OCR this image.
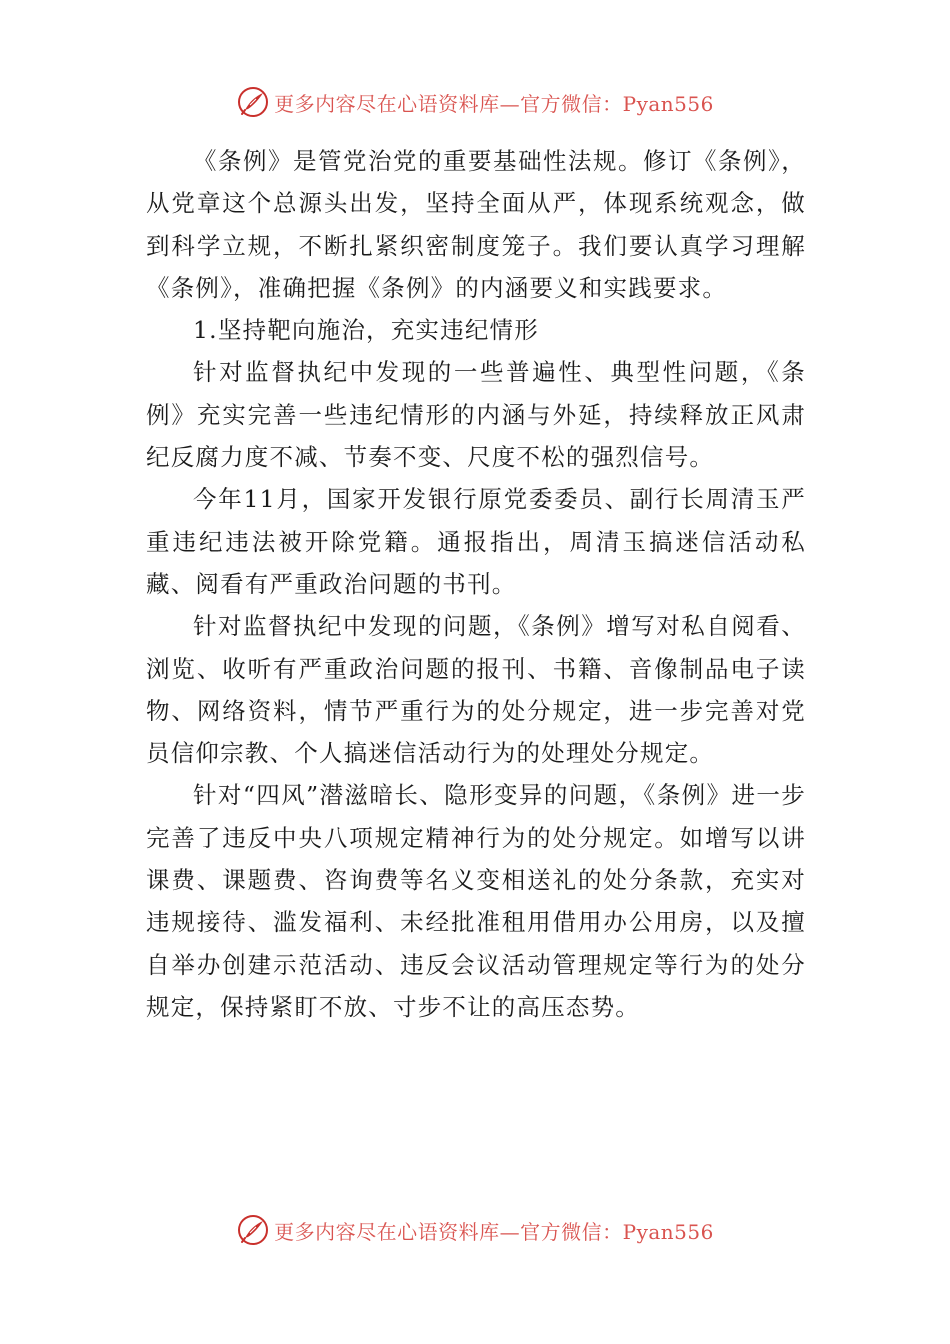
更多内容尽在心语资料库—官方微信：Pyan556

《条例》是管党治党的重要基础性法规。修订《条例》，从党章这个总源头出发，坚持全面从严，体现系统观念，做到科学立规，不断扎紧织密制度笼子。我们要认真学习理解《条例》，准确把握《条例》的内涵要义和实践要求。

1.坚持靶向施治，充实违纪情形

针对监督执纪中发现的一些普遍性、典型性问题，《条例》充实完善一些违纪情形的内涵与外延，持续释放正风肃纪反腐力度不减、节奏不变、尺度不松的强烈信号。

今年11月，国家开发银行原党委委员、副行长周清玉严重违纪违法被开除党籍。通报指出，周清玉搞迷信活动私藏、阅看有严重政治问题的书刊。

针对监督执纪中发现的问题，《条例》增写对私自阅看、浏览、收听有严重政治问题的报刊、书籍、音像制品电子读物、网络资料，情节严重行为的处分规定，进一步完善对党员信仰宗教、个人搞迷信活动行为的处理处分规定。

针对“四风”潜滋暗长、隐形变异的问题，《条例》进一步完善了违反中央八项规定精神行为的处分规定。如增写以讲课费、课题费、咨询费等名义变相送礼的处分条款，充实对违规接待、滥发福利、未经批准租用借用办公用房，以及擅自举办创建示范活动、违反会议活动管理规定等行为的处分规定，保持紧盯不放、寸步不让的高压态势。

更多内容尽在心语资料库—官方微信：Pyan556
